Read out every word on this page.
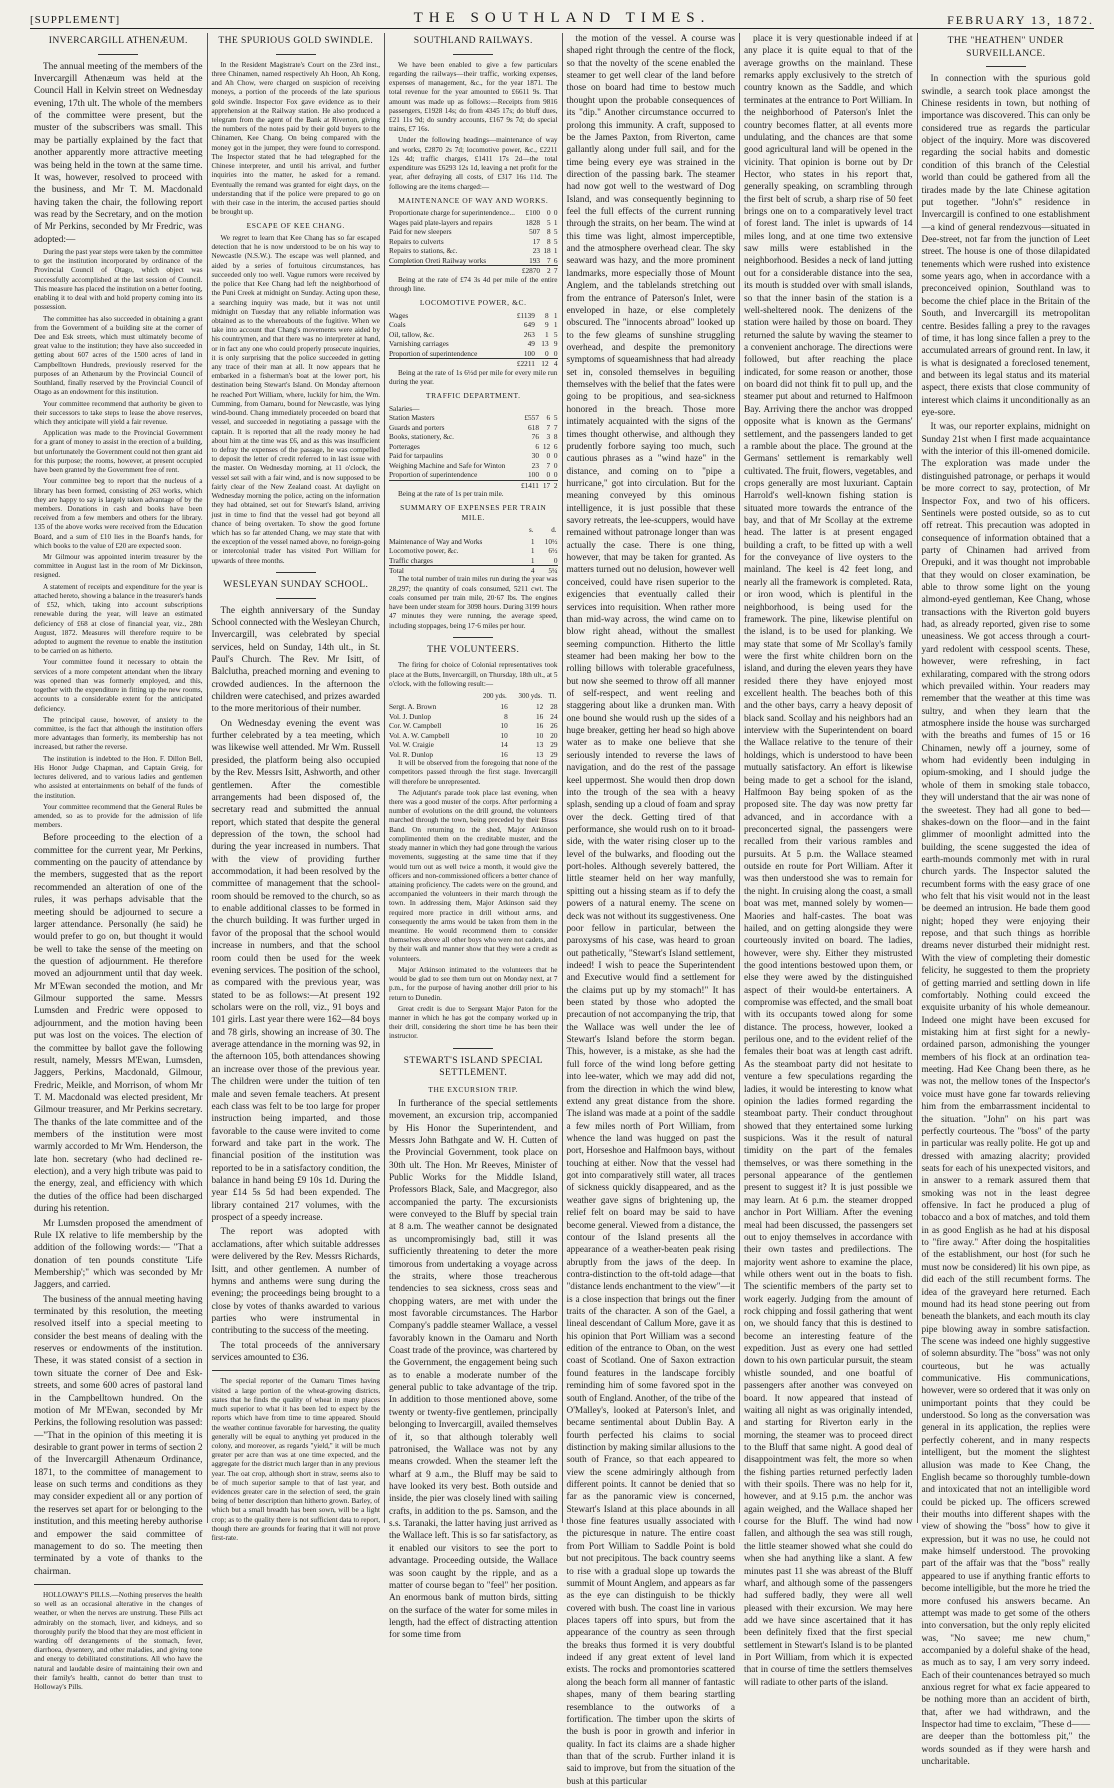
[SUPPLEMENT]	THE SOUTHLAND TIMES.	FEBRUARY 13, 1872.
INVERCARGILL ATHENÆUM.

The annual meeting of the members of the Invercargill Athenæum was held at the Council Hall in Kelvin street on Wednesday evening, 17th ult. The whole of the members of the committee were present, but the muster of the subscribers was small. This may be partially explained by the fact that another apparently more attractive meeting was being held in the town at the same time. It was, however, resolved to proceed with the business, and Mr T. M. Macdonald having taken the chair, the following report was read by the Secretary, and on the motion of Mr Perkins, seconded by Mr Fredric, was adopted:—

During the past year steps were taken by the committee to get the institution incorporated by ordinance of the Provincial Council of Otago, which object was successfully accomplished at the last session of Council. This measure has placed the institution on a better footing, enabling it to deal with and hold property coming into its possession.

The committee has also succeeded in obtaining a grant from the Government of a building site at the corner of Dee and Esk streets, which must ultimately become of great value to the institution; they have also succeeded in getting about 607 acres of the 1500 acres of land in Campbelltown Hundreds, previously reserved for the purposes of an Athenæum by the Provincial Council of Southland, finally reserved by the Provincial Council of Otago as an endowment for this institution.

Your committee recommend that authority be given to their successors to take steps to lease the above reserves, which they anticipate will yield a fair revenue.

Application was made to the Provincial Government for a grant of money to assist in the erection of a building, but unfortunately the Government could not then grant aid for this purpose; the rooms, however, at present occupied have been granted by the Government free of rent.

Your committee beg to report that the nucleus of a library has been formed, consisting of 263 works, which they are happy to say is largely taken advantage of by the members. Donations in cash and books have been received from a few members and others for the library. 135 of the above works were received from the Education Board, and a sum of £10 lies in the Board's hands, for which books to the value of £20 are expected soon.

Mr Gilmour was appointed interim treasurer by the committee in August last in the room of Mr Dickinson, resigned.

A statement of receipts and expenditure for the year is attached hereto, showing a balance in the treasurer's hands of £52, which, taking into account subscriptions renewable during the year, will leave an estimated deficiency of £68 at close of financial year, viz., 28th August, 1872. Measures will therefore require to be adopted to augment the revenue to enable the institution to be carried on as hitherto.

Your committee found it necessary to obtain the services of a more competent attendant when the library was opened than was formerly employed, and this, together with the expenditure in fitting up the new rooms, accounts to a considerable extent for the anticipated deficiency.

The principal cause, however, of anxiety to the committee, is the fact that although the institution offers more advantages than formerly, its membership has not increased, but rather the reverse.

The institution is indebted to the Hon. F. Dillon Bell, His Honor Judge Chapman, and Captain Greig, for lectures delivered, and to various ladies and gentlemen who assisted at entertainments on behalf of the funds of the institution.

Your committee recommend that the General Rules be amended, so as to provide for the admission of life members.

Before proceeding to the election of a committee for the current year, Mr Perkins, commenting on the paucity of attendance by the members, suggested that as the report recommended an alteration of one of the rules, it was perhaps advisable that the meeting should be adjourned to secure a larger attendance. Personally (he said) he would prefer to go on, but thought it would be well to take the sense of the meeting on the question of adjournment. He therefore moved an adjournment until that day week. Mr M'Ewan seconded the motion, and Mr Gilmour supported the same. Messrs Lumsden and Fredric were opposed to adjournment, and the motion having been put was lost on the voices. The election of the committee by ballot gave the following result, namely, Messrs M'Ewan, Lumsden, Jaggers, Perkins, Macdonald, Gilmour, Fredric, Meikle, and Morrison, of whom Mr T. M. Macdonald was elected president, Mr Gilmour treasurer, and Mr Perkins secretary. The thanks of the late committee and of the members of the institution were most warmly accorded to Mr Wm. Henderson, the late hon. secretary (who had declined re-election), and a very high tribute was paid to the energy, zeal, and efficiency with which the duties of the office had been discharged during his retention.

Mr Lumsden proposed the amendment of Rule IX relative to life membership by the addition of the following words:— "That a donation of ten pounds constitute 'Life Membership';" which was seconded by Mr Jaggers, and carried.

The business of the annual meeting having terminated by this resolution, the meeting resolved itself into a special meeting to consider the best means of dealing with the reserves or endowments of the institution. These, it was stated consist of a section in town situate the corner of Dee and Esk-streets, and some 600 acres of pastoral land in the Campbelltown hundred. On the motion of Mr M'Ewan, seconded by Mr Perkins, the following resolution was passed:—"That in the opinion of this meeting it is desirable to grant power in terms of section 2 of the Invercargill Athenæum Ordinance, 1871, to the committee of management to lease on such terms and conditions as they may consider expedient all or any portion of the reserves set apart for or belonging to the institution, and this meeting hereby authorise and empower the said committee of management to do so. The meeting then terminated by a vote of thanks to the chairman.

HOLLOWAY'S PILLS.—Nothing preserves the health so well as an occasional alterative in the changes of weather, or when the nerves are unstrung. These Pills act admirably on the stomach, liver, and kidneys, and so thoroughly purify the blood that they are most efficient in warding off derangements of the stomach, fever, diarrhoea, dysentery, and other maladies, and giving tone and energy to debilitated constitutions. All who have the natural and laudable desire of maintaining their own and their family's health, cannot do better than trust to Holloway's Pills.

THE SPURIOUS GOLD SWINDLE.

In the Resident Magistrate's Court on the 23rd inst., three Chinamen, named respectively Ah Hoon, Ah Kong, and Ah Chow, were charged on suspicion of receiving moneys, a portion of the proceeds of the late spurious gold swindle. Inspector Fox gave evidence as to their apprehension at the Railway station. He also produced a telegram from the agent of the Bank at Riverton, giving the numbers of the notes paid by their gold buyers to the Chinamen, Kee Chang. On being compared with the money got in the jumper, they were found to correspond. The Inspector stated that he had telegraphed for the Chinese interpreter, and until his arrival, and further inquiries into the matter, he asked for a remand. Eventually the remand was granted for eight days, on the understanding that if the police were prepared to go on with their case in the interim, the accused parties should be brought up.

ESCAPE OF KEE CHANG.

We regret to learn that Kee Chang has so far escaped detection that he is now understood to be on his way to Newcastle (N.S.W.). The escape was well planned, and aided by a series of fortuitous circumstances, has succeeded only too well. Vague rumors were received by the police that Kee Chang had left the neighborhood of the Puni Creek at midnight on Sunday. Acting upon these, a searching inquiry was made, but it was not until midnight on Tuesday that any reliable information was obtained as to the whereabouts of the fugitive. When we take into account that Chang's movements were aided by his countrymen, and that there was no interpreter at hand, or in fact any one who could properly prosecute inquiries, it is only surprising that the police succeeded in getting any trace of their man at all. It now appears that he embarked in a fisherman's boat at the lower port, his destination being Stewart's Island. On Monday afternoon he reached Port William, where, luckily for him, the Wm. Cumming, from Oamaru, bound for Newcastle, was lying wind-bound. Chang immediately proceeded on board that vessel, and succeeded in negotiating a passage with the captain. It is reported that all the ready money he had about him at the time was £6, and as this was insufficient to defray the expenses of the passage, he was compelled to deposit the letter of credit referred to in last issue with the master. On Wednesday morning, at 11 o'clock, the vessel set sail with a fair wind, and is now supposed to be fairly clear of the New Zealand coast. At daylight on Wednesday morning the police, acting on the information they had obtained, set out for Stewart's Island, arriving just in time to find that the vessel had got beyond all chance of being overtaken. To show the good fortune which has so far attended Chang, we may state that with the exception of the vessel named above, no foreign-going or intercolonial trader has visited Port William for upwards of three months.

WESLEYAN SUNDAY SCHOOL.

The eighth anniversary of the Sunday School connected with the Wesleyan Church, Invercargill, was celebrated by special services, held on Sunday, 14th ult., in St. Paul's Church. The Rev. Mr Isitt, of Balclutha, preached morning and evening to crowded audiences. In the afternoon the children were catechised, and prizes awarded to the more meritorious of their number.

On Wednesday evening the event was further celebrated by a tea meeting, which was likewise well attended. Mr Wm. Russell presided, the platform being also occupied by the Rev. Messrs Isitt, Ashworth, and other gentlemen. After the comestible arrangements had been disposed of, the secretary read and submitted the annual report, which stated that despite the general depression of the town, the school had during the year increased in numbers. That with the view of providing further accommodation, it had been resolved by the committee of management that the school-room should be removed to the church, so as to enable additional classes to be formed in the church building. It was further urged in favor of the proposal that the school would increase in numbers, and that the school room could then be used for the week evening services. The position of the school, as compared with the previous year, was stated to be as follows:—At present 192 scholars were on the roll, viz., 91 boys and 101 girls. Last year there were 162—84 boys and 78 girls, showing an increase of 30. The average attendance in the morning was 92, in the afternoon 105, both attendances showing an increase over those of the previous year. The children were under the tuition of ten male and seven female teachers. At present each class was felt to be too large for proper instruction being imparted, and those favorable to the cause were invited to come forward and take part in the work. The financial position of the institution was reported to be in a satisfactory condition, the balance in hand being £9 10s 1d. During the year £14 5s 5d had been expended. The library contained 217 volumes, with the prospect of a speedy increase.

The report was adopted with acclamations, after which suitable addresses were delivered by the Rev. Messrs Richards, Isitt, and other gentlemen. A number of hymns and anthems were sung during the evening; the proceedings being brought to a close by votes of thanks awarded to various parties who were instrumental in contributing to the success of the meeting.

The total proceeds of the anniversary services amounted to £36.

The special reporter of the Oamaru Times having visited a large portion of the wheat-growing districts, states that he finds the quality of wheat in many places much superior to what it has been led to expect by the reports which have from time to time appeared. Should the weather continue favorable for harvesting, the quality generally will be equal to anything yet produced in the colony, and moreover, as regards "yield," it will be much greater per acre than was at one time expected, and the aggregate for the district much larger than in any previous year. The oat crop, although short in straw, seems also to be of much superior sample to that of last year, and evidences greater care in the selection of seed, the grain being of better description than hitherto grown. Barley, of which but a small breadth has been sown, will be a light crop; as to the quality there is not sufficient data to report, though there are grounds for fearing that it will not prove first-rate.

SOUTHLAND RAILWAYS.

We have been enabled to give a few particulars regarding the railways—their traffic, working expenses, expenses of management, &c., for the year 1871. The total revenue for the year amounted to £6611 9s. That amount was made up as follows:—Receipts from 9816 passengers, £1928 14s; do from 4345 17s; do bluff dues, £21 11s 9d; do sundry accounts, £167 9s 7d; do special trains, £7 16s.

Under the following headings—maintenance of way and works, £2870 2s 7d; locomotive power, &c., £2211 12s 4d; traffic charges, £1411 17s 2d—the total expenditure was £6293 12s 1d, leaving a net profit for the year, after defraying all costs, of £317 16s 11d. The following are the items charged:—

MAINTENANCE OF WAY AND WORKS.
Proportionate charge for superintendence...	£100	0	0
Wages paid plate-layers and repairs	1828	5	1
Paid for new sleepers	507	8	5
Repairs to culverts	17	8	5
Repairs to stations, &c.	23	18	1
Completion Oreti Railway works	193	7	6
	£2870	2	7

Being at the rate of £74 3s 4d per mile of the entire through line.

LOCOMOTIVE POWER, &C.
Wages	£1139	8	1
Coals	649	9	1
Oil, tallow, &c.	263	1	5
Varnishing carriages	49	13	9
Proportion of superintendence	100	0	0
	£2211	12	4

Being at the rate of 1s 6½d per mile for every mile run during the year.

TRAFFIC DEPARTMENT.
Salaries—			
Station Masters	£557	6	5
Guards and porters	618	7	7
Books, stationery, &c.	76	3	8
Porterages	6	12	6
Paid for tarpaulins	30	0	0
Weighing Machine and Safe for Winton	23	7	0
Proportion of superintendence	100	0	0
	£1411	17	2

Being at the rate of 1s per train mile.

SUMMARY OF EXPENSES PER TRAIN MILE.
	s.	d.
Maintenance of Way and Works	1	10½
Locomotive power, &c.	1	6½
Traffic charges	1	0
Total	4	5¼

The total number of train miles run during the year was 28,297; the quantity of coals consumed, 5211 cwt. The coals consumed per train mile, 20·67 lbs. The engines have been under steam for 3098 hours. During 3199 hours 47 minutes they were running, the average speed, including stoppages, being 17·6 miles per hour.

THE VOLUNTEERS.

The firing for choice of Colonial representatives took place at the Butts, Invercargill, on Thursday, 18th ult., at 5 o'clock, with the following result:—

	200 yds.	300 yds.	Tl.
Sergt. A. Brown	16	12	28
Vol. J. Dunlop	8	16	24
Cor. W. Campbell	10	16	26
Vol. A. W. Campbell	10	10	20
Vol. W. Craigie	14	13	29
Vol. R. Dunlop	16	13	29

It will be observed from the foregoing that none of the competitors passed through the first stage. Invercargill will therefore be unrepresented.

The Adjutant's parade took place last evening, when there was a good muster of the corps. After performing a number of evolutions on the drill ground, the volunteers marched through the town, being preceded by their Brass Band. On returning to the shed, Major Atkinson complimented them on the creditable muster, and the steady manner in which they had gone through the various movements, suggesting at the same time that if they would turn out as well twice a month, it would give the officers and non-commissioned officers a better chance of attaining proficiency. The cadets were on the ground, and accompanied the volunteers in their march through the town. In addressing them, Major Atkinson said they required more practice in drill without arms, and consequently the arms would be taken from them in the meantime. He would recommend them to consider themselves above all other boys who were not cadets, and by their walk and manner show that they were a credit as volunteers.

Major Atkinson intimated to the volunteers that he would be glad to see them turn out on Monday next, at 7 p.m., for the purpose of having another drill prior to his return to Dunedin.

Great credit is due to Sergeant Major Paton for the manner in which he has got the company worked up in their drill, considering the short time he has been their instructor.

STEWART'S ISLAND SPECIAL SETTLEMENT.
THE EXCURSION TRIP.

In furtherance of the special settlements movement, an excursion trip, accompanied by His Honor the Superintendent, and Messrs John Bathgate and W. H. Cutten of the Provincial Government, took place on 30th ult. The Hon. Mr Reeves, Minister of Public Works for the Middle Island, Professors Black, Sale, and Macgregor, also accompanied the party. The excursionists were conveyed to the Bluff by special train at 8 a.m. The weather cannot be designated as uncompromisingly bad, still it was sufficiently threatening to deter the more timorous from undertaking a voyage across the straits, where those treacherous tendencies to sea sickness, cross seas and chopping waters, are met with under the most favorable circumstances. The Harbor Company's paddle steamer Wallace, a vessel favorably known in the Oamaru and North Coast trade of the province, was chartered by the Government, the engagement being such as to enable a moderate number of the general public to take advantage of the trip. In addition to those mentioned above, some twenty or twenty-five gentlemen, principally belonging to Invercargill, availed themselves of it, so that although tolerably well patronised, the Wallace was not by any means crowded. When the steamer left the wharf at 9 a.m., the Bluff may be said to have looked its very best. Both outside and inside, the pier was closely lined with sailing crafts, in addition to the ps. Samson, and the s.s. Taranaki, the latter having just arrived as the Wallace left. This is so far satisfactory, as it enabled our visitors to see the port to advantage. Proceeding outside, the Wallace was soon caught by the ripple, and as a matter of course began to "feel" her position. An enormous bank of mutton birds, sitting on the surface of the water for some miles in length, had the effect of distracting attention for some time from

the motion of the vessel. A course was shaped right through the centre of the flock, so that the novelty of the scene enabled the steamer to get well clear of the land before those on board had time to bestow much thought upon the probable consequences of its "dip." Another circumstance occurred to prolong this immunity. A craft, supposed to be the James Paxton, from Riverton, came gallantly along under full sail, and for the time being every eye was strained in the direction of the passing bark. The steamer had now got well to the westward of Dog Island, and was consequently beginning to feel the full effects of the current running through the straits, on her beam. The wind at this time was light, almost imperceptible, and the atmosphere overhead clear. The sky seaward was hazy, and the more prominent landmarks, more especially those of Mount Anglem, and the tablelands stretching out from the entrance of Paterson's Inlet, were enveloped in haze, or else completely obscured. The "innocents abroad" looked up to the few gleams of sunshine struggling overhead, and despite the premonitory symptoms of squeamishness that had already set in, consoled themselves in beguiling themselves with the belief that the fates were going to be propitious, and sea-sickness honored in the breach. Those more intimately acquainted with the signs of the times thought otherwise, and although they prudently forbore saying too much, such cautious phrases as a "wind haze" in the distance, and coming on to "pipe a hurricane," got into circulation. But for the meaning conveyed by this ominous intelligence, it is just possible that these savory retreats, the lee-scuppers, would have remained without patronage longer than was actually the case. There is one thing, however, that may be taken for granted. As matters turned out no delusion, however well conceived, could have risen superior to the exigencies that eventually called their services into requisition. When rather more than mid-way across, the wind came on to blow right ahead, without the smallest seeming compunction. Hitherto the little steamer had been making her bow to the rolling billows with tolerable gracefulness, but now she seemed to throw off all manner of self-respect, and went reeling and staggering about like a drunken man. With one bound she would rush up the sides of a huge breaker, getting her head so high above water as to make one believe that she seriously intended to reverse the laws of navigation, and do the rest of the passage keel uppermost. She would then drop down into the trough of the sea with a heavy splash, sending up a cloud of foam and spray over the deck. Getting tired of that performance, she would rush on to it broad-side, with the water rising closer up to the level of the bulwarks, and flooding out the port-holes. Although severely battered, the little steamer held on her way manfully, spitting out a hissing steam as if to defy the powers of a natural enemy. The scene on deck was not without its suggestiveness. One poor fellow in particular, between the paroxysms of his case, was heard to groan out pathetically, "Stewart's Island settlement, indeed! I wish to peace the Superintendent and Executive would find a settlement for the claims put up by my stomach!" It has been stated by those who adopted the precaution of not accompanying the trip, that the Wallace was well under the lee of Stewart's Island before the storm began. This, however, is a mistake, as she had the full force of the wind long before getting into lee-water, which we may add did not, from the direction in which the wind blew, extend any great distance from the shore. The island was made at a point of the saddle a few miles north of Port William, from whence the land was hugged on past the port, Horseshoe and Halfmoon bays, without touching at either. Now that the vessel had got into comparatively still water, all traces of sickness quickly disappeared, and as the weather gave signs of brightening up, the relief felt on board may be said to have become general. Viewed from a distance, the contour of the Island presents all the appearance of a weather-beaten peak rising abruptly from the jaws of the deep. In contra-distinction to the oft-told adage—that "distance lends enchantment to the view"—it is a close inspection that brings out the finer traits of the character. A son of the Gael, a lineal descendant of Callum More, gave it as his opinion that Port William was a second edition of the entrance to Oban, on the west coast of Scotland. One of Saxon extraction found features in the landscape forcibly reminding him of some favored spot in the south of England. Another, of the tribe of the O'Malley's, looked at Paterson's Inlet, and became sentimental about Dublin Bay. A fourth perfected his claims to social distinction by making similar allusions to the south of France, so that each appeared to view the scene admiringly although from different points. It cannot be denied that so far as the panoramic view is concerned, Stewart's Island at this place abounds in all those fine features usually associated with the picturesque in nature. The entire coast from Port William to Saddle Point is bold but not precipitous. The back country seems to rise with a gradual slope up towards the summit of Mount Anglem, and appears as far as the eye can distinguish to be thickly covered with bush. The coast line in various places tapers off into spurs, but from the appearance of the country as seen through the breaks thus formed it is very doubtful indeed if any great extent of level land exists. The rocks and promontories scattered along the beach form all manner of fantastic shapes, many of them bearing startling resemblance to the outworks of a fortification. The timber upon the skirts of the bush is poor in growth and inferior in quality. In fact its claims are a shade higher than that of the scrub. Further inland it is said to improve, but from the situation of the bush at this particular

place it is very questionable indeed if at any place it is quite equal to that of the average growths on the mainland. These remarks apply exclusively to the stretch of country known as the Saddle, and which terminates at the entrance to Port William. In the neighborhood of Paterson's Inlet the country becomes flatter, at all events more undulating, and the chances are that some good agricultural land will be opened in the vicinity. That opinion is borne out by Dr Hector, who states in his report that, generally speaking, on scrambling through the first belt of scrub, a sharp rise of 50 feet brings one on to a comparatively level tract of forest land. The inlet is upwards of 14 miles long, and at one time two extensive saw mills were established in the neighborhood. Besides a neck of land jutting out for a considerable distance into the sea, its mouth is studded over with small islands, so that the inner basin of the station is a well-sheltered nook. The denizens of the station were hailed by those on board. They returned the salute by waving the steamer to a convenient anchorage. The directions were followed, but after reaching the place indicated, for some reason or another, those on board did not think fit to pull up, and the steamer put about and returned to Halfmoon Bay. Arriving there the anchor was dropped opposite what is known as the Germans' settlement, and the passengers landed to get a ramble about the place. The ground at the Germans' settlement is remarkably well cultivated. The fruit, flowers, vegetables, and crops generally are most luxuriant. Captain Harrold's well-known fishing station is situated more towards the entrance of the bay, and that of Mr Scollay at the extreme head. The latter is at present engaged building a craft, to be fitted up with a well for the conveyance of live oysters to the mainland. The keel is 42 feet long, and nearly all the framework is completed. Rata, or iron wood, which is plentiful in the neighborhood, is being used for the framework. The pine, likewise plentiful on the island, is to be used for planking. We may state that some of Mr Scollay's family were the first white children born on the island, and during the eleven years they have resided there they have enjoyed most excellent health. The beaches both of this and the other bays, carry a heavy deposit of black sand. Scollay and his neighbors had an interview with the Superintendent on board the Wallace relative to the tenure of their holdings, which is understood to have been mutually satisfactory. An effort is likewise being made to get a school for the island, Halfmoon Bay being spoken of as the proposed site. The day was now pretty far advanced, and in accordance with a preconcerted signal, the passengers were recalled from their various rambles and pursuits. At 5 p.m. the Wallace steamed outside en route for Port William. After it was then understood she was to remain for the night. In cruising along the coast, a small boat was met, manned solely by women—Maories and half-castes. The boat was hailed, and on getting alongside they were courteously invited on board. The ladies, however, were shy. Either they mistrusted the good intentions bestowed upon them, or else they were awed by the distinguished aspect of their would-be entertainers. A compromise was effected, and the small boat with its occupants towed along for some distance. The process, however, looked a perilous one, and to the evident relief of the females their boat was at length cast adrift. As the steamboat party did not hesitate to venture a few speculations regarding the ladies, it would be interesting to know what opinion the ladies formed regarding the steamboat party. Their conduct throughout showed that they entertained some lurking suspicions. Was it the result of natural timidity on the part of the females themselves, or was there something in the personal appearance of the gentlemen present to suggest it? It is just possible we may learn. At 6 p.m. the steamer dropped anchor in Port William. After the evening meal had been discussed, the passengers set out to enjoy themselves in accordance with their own tastes and predilections. The majority went ashore to examine the place, while others went out in the boats to fish. The scientific members of the party set to work eagerly. Judging from the amount of rock chipping and fossil gathering that went on, we should fancy that this is destined to become an interesting feature of the expedition. Just as every one had settled down to his own particular pursuit, the steam whistle sounded, and one boatful of passengers after another was conveyed on board. It now appeared that instead of waiting all night as was originally intended, and starting for Riverton early in the morning, the steamer was to proceed direct to the Bluff that same night. A good deal of disappointment was felt, the more so when the fishing parties returned perfectly laden with their spoils. There was no help for it, however, and at 9.15 p.m. the anchor was again weighed, and the Wallace shaped her course for the Bluff. The wind had now fallen, and although the sea was still rough, the little steamer showed what she could do when she had anything like a slant. A few minutes past 11 she was abreast of the Bluff wharf, and although some of the passengers had suffered badly, they were all well pleased with their excursion. We may here add we have since ascertained that it has been definitely fixed that the first special settlement in Stewart's Island is to be planted in Port William, from which it is expected that in course of time the settlers themselves will radiate to other parts of the island.

THE "HEATHEN" UNDER SURVEILLANCE.

In connection with the spurious gold swindle, a search took place amongst the Chinese residents in town, but nothing of importance was discovered. This can only be considered true as regards the particular object of the inquiry. More was discovered regarding the social habits and domestic condition of this branch of the Celestial world than could be gathered from all the tirades made by the late Chinese agitation put together. "John's" residence in Invercargill is confined to one establishment—a kind of general rendezvous—situated in Dee-street, not far from the junction of Leet street. The house is one of those dilapidated tenements which were rushed into existence some years ago, when in accordance with a preconceived opinion, Southland was to become the chief place in the Britain of the South, and Invercargill its metropolitan centre. Besides falling a prey to the ravages of time, it has long since fallen a prey to the accumulated arrears of ground rent. In law, it is what is designated a foreclosed tenement, and between its legal status and its material aspect, there exists that close community of interest which claims it unconditionally as an eye-sore.

It was, our reporter explains, midnight on Sunday 21st when I first made acquaintance with the interior of this ill-omened domicile. The exploration was made under the distinguished patronage, or perhaps it would be more correct to say, protection, of Mr Inspector Fox, and two of his officers. Sentinels were posted outside, so as to cut off retreat. This precaution was adopted in consequence of information obtained that a party of Chinamen had arrived from Orepuki, and it was thought not improbable that they would on closer examination, be able to throw some light on the young almond-eyed gentleman, Kee Chang, whose transactions with the Riverton gold buyers had, as already reported, given rise to some uneasiness. We got access through a court-yard redolent with cesspool scents. These, however, were refreshing, in fact exhilarating, compared with the strong odors which prevailed within. Your readers may remember that the weather at this time was sultry, and when they learn that the atmosphere inside the house was surcharged with the breaths and fumes of 15 or 16 Chinamen, newly off a journey, some of whom had evidently been indulging in opium-smoking, and I should judge the whole of them in smoking stale tobacco, they will understand that the air was none of the sweetest. They had all gone to bed—shakes-down on the floor—and in the faint glimmer of moonlight admitted into the building, the scene suggested the idea of earth-mounds commonly met with in rural church yards. The Inspector saluted the recumbent forms with the easy grace of one who felt that his visit would not in the least be deemed an intrusion. He bade them good night; hoped they were enjoying their repose, and that such things as horrible dreams never disturbed their midnight rest. With the view of completing their domestic felicity, he suggested to them the propriety of getting married and settling down in life comfortably. Nothing could exceed the exquisite urbanity of his whole demeanour. Indeed one might have been excused for mistaking him at first sight for a newly-ordained parson, admonishing the younger members of his flock at an ordination tea-meeting. Had Kee Chang been there, as he was not, the mellow tones of the Inspector's voice must have gone far towards relieving him from the embarrassment incidental to the situation. "John" on his part was perfectly courteous. The "boss" of the party in particular was really polite. He got up and dressed with amazing alacrity; provided seats for each of his unexpected visitors, and in answer to a remark assured them that smoking was not in the least degree offensive. In fact he produced a plug of tobacco and a box of matches, and told them in as good English as he had at his disposal to "fire away." After doing the hospitalities of the establishment, our host (for such he must now be considered) lit his own pipe, as did each of the still recumbent forms. The idea of the graveyard here returned. Each mound had its head stone peering out from beneath the blankets, and each mouth its clay pipe blowing away in sombre satisfaction. The scene was indeed one highly suggestive of solemn absurdity. The "boss" was not only courteous, but he was actually communicative. His communications, however, were so ordered that it was only on unimportant points that they could be understood. So long as the conversation was general in its application, the replies were perfectly coherent, and in many respects intelligent, but the moment the slightest allusion was made to Kee Chang, the English became so thoroughly tumble-down and intoxicated that not an intelligible word could be picked up. The officers screwed their mouths into different shapes with the view of showing the "boss" how to give it expression, but it was no use, he could not make himself understood. The provoking part of the affair was that the "boss" really appeared to use if anything frantic efforts to become intelligible, but the more he tried the more confused his answers became. An attempt was made to get some of the others into conversation, but the only reply elicited was, "No savee; me new chum," accompanied by a doleful shake of the head, as much as to say, I am very sorry indeed. Each of their countenances betrayed so much anxious regret for what ex facie appeared to be nothing more than an accident of birth, that, after we had withdrawn, and the Inspector had time to exclaim, "These d—— are deeper than the bottomless pit," the words sounded as if they were harsh and uncharitable.
